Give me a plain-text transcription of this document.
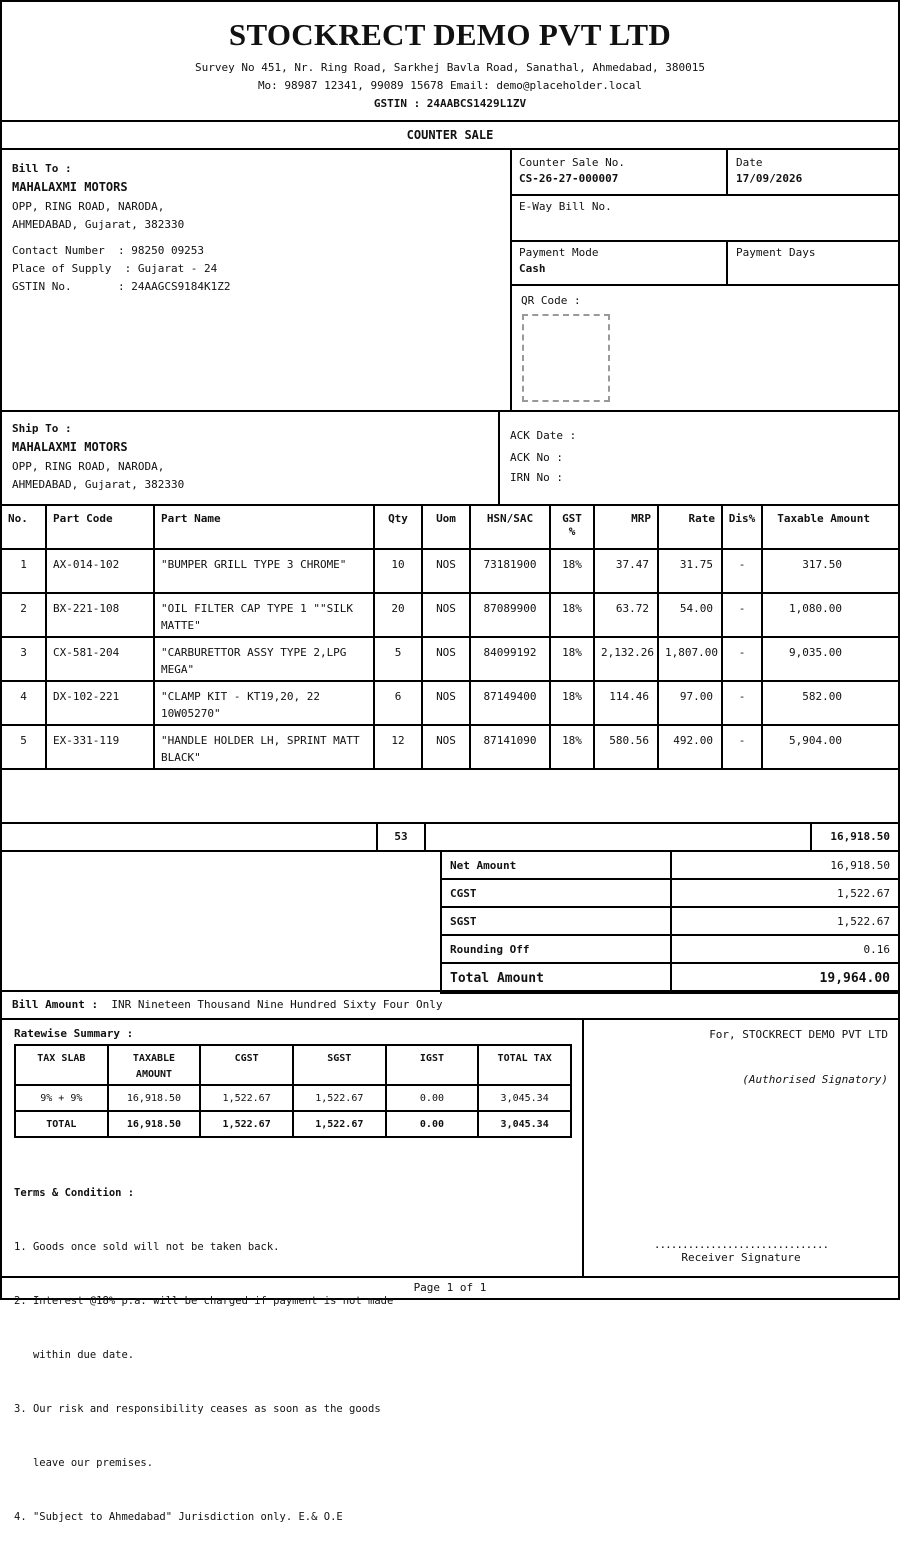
STOCKRECT DEMO PVT LTD
Survey No 451, Nr. Ring Road, Sarkhej Bavla Road, Sanathal, Ahmedabad, 380015
Mo: 98987 12341, 99089 15678 Email: demo@placeholder.local
GSTIN : 24AABCS1429L1ZV
COUNTER SALE
Bill To :
MAHALAXMI MOTORS
OPP, RING ROAD, NARODA,
AHMEDABAD, Gujarat, 382330
Contact Number  : 98250 09253
Place of Supply  : Gujarat - 24
GSTIN No.       : 24AAGCS9184K1Z2
Counter Sale No.
CS-26-27-000007
Date
17/09/2026
E-Way Bill No.
Payment Mode
Cash
Payment Days
QR Code :
Ship To :
MAHALAXMI MOTORS
OPP, RING ROAD, NARODA,
AHMEDABAD, Gujarat, 382330
ACK Date :
ACK No :
IRN No :
No.	Part Code	Part Name	Qty	Uom	HSN/SAC	GST %	MRP	Rate	Dis%	Taxable Amount
1	AX-014-102	"BUMPER GRILL TYPE 3 CHROME"	10	NOS	73181900	18%	37.47	31.75	-	317.50
2	BX-221-108	"OIL FILTER CAP TYPE 1 ""SILK MATTE"	20	NOS	87089900	18%	63.72	54.00	-	1,080.00
3	CX-581-204	"CARBURETTOR ASSY TYPE 2,LPG MEGA"	5	NOS	84099192	18%	2,132.26	1,807.00	-	9,035.00
4	DX-102-221	"CLAMP KIT - KT19,20, 22 10W05270"	6	NOS	87149400	18%	114.46	97.00	-	582.00
5	EX-331-119	"HANDLE HOLDER LH, SPRINT MATT BLACK"	12	NOS	87141090	18%	580.56	492.00	-	5,904.00

53	16,918.50
Net Amount	16,918.50
CGST	1,522.67
SGST	1,522.67
Rounding Off	0.16
Total Amount	19,964.00
Bill Amount : INR Nineteen Thousand Nine Hundred Sixty Four Only
Ratewise Summary :
TAX SLAB	TAXABLE AMOUNT	CGST	SGST	IGST	TOTAL TAX
9% + 9%	16,918.50	1,522.67	1,522.67	0.00	3,045.34
TOTAL	16,918.50	1,522.67	1,522.67	0.00	3,045.34

Terms & Condition :

1. Goods once sold will not be taken back.

2. Interest @18% p.a. will be charged if payment is not made

within due date.

3. Our risk and responsibility ceases as soon as the goods

leave our premises.

4. "Subject to Ahmedabad" Jurisdiction only. E.& O.E

For, STOCKRECT DEMO PVT LTD
(Authorised Signatory)
...............................
Receiver Signature
Page 1 of 1
